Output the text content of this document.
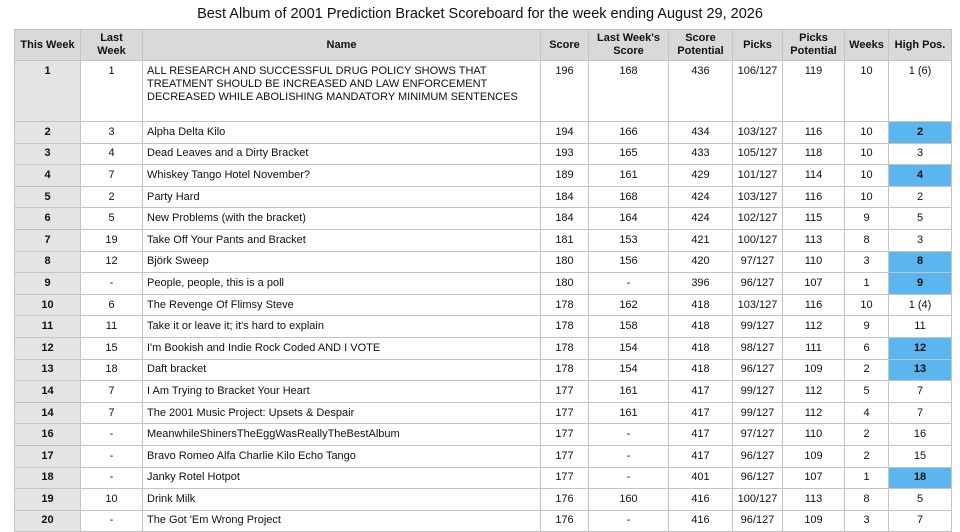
Best Album of 2001 Prediction Bracket Scoreboard for the week ending August 29, 2026
This Week	Last Week	Name	Score	Last Week's Score	Score Potential	Picks	Picks Potential	Weeks	High Pos.
1	1	ALL RESEARCH AND SUCCESSFUL DRUG POLICY SHOWS THAT TREATMENT SHOULD BE INCREASED AND LAW ENFORCEMENT DECREASED WHILE ABOLISHING MANDATORY MINIMUM SENTENCES	196	168	436	106/127	119	10	1 (6)
2	3	Alpha Delta Kilo	194	166	434	103/127	116	10	2
3	4	Dead Leaves and a Dirty Bracket	193	165	433	105/127	118	10	3
4	7	Whiskey Tango Hotel November?	189	161	429	101/127	114	10	4
5	2	Party Hard	184	168	424	103/127	116	10	2
6	5	New Problems (with the bracket)	184	164	424	102/127	115	9	5
7	19	Take Off Your Pants and Bracket	181	153	421	100/127	113	8	3
8	12	Björk Sweep	180	156	420	97/127	110	3	8
9	-	People, people, this is a poll	180	-	396	96/127	107	1	9
10	6	The Revenge Of Flimsy Steve	178	162	418	103/127	116	10	1 (4)
11	11	Take it or leave it; it's hard to explain	178	158	418	99/127	112	9	11
12	15	I'm Bookish and Indie Rock Coded AND I VOTE	178	154	418	98/127	111	6	12
13	18	Daft bracket	178	154	418	96/127	109	2	13
14	7	I Am Trying to Bracket Your Heart	177	161	417	99/127	112	5	7
14	7	The 2001 Music Project: Upsets & Despair	177	161	417	99/127	112	4	7
16	-	MeanwhileShinersTheEggWasReallyTheBestAlbum	177	-	417	97/127	110	2	16
17	-	Bravo Romeo Alfa Charlie Kilo Echo Tango	177	-	417	96/127	109	2	15
18	-	Janky Rotel Hotpot	177	-	401	96/127	107	1	18
19	10	Drink Milk	176	160	416	100/127	113	8	5
20	-	The Got 'Em Wrong Project	176	-	416	96/127	109	3	7
